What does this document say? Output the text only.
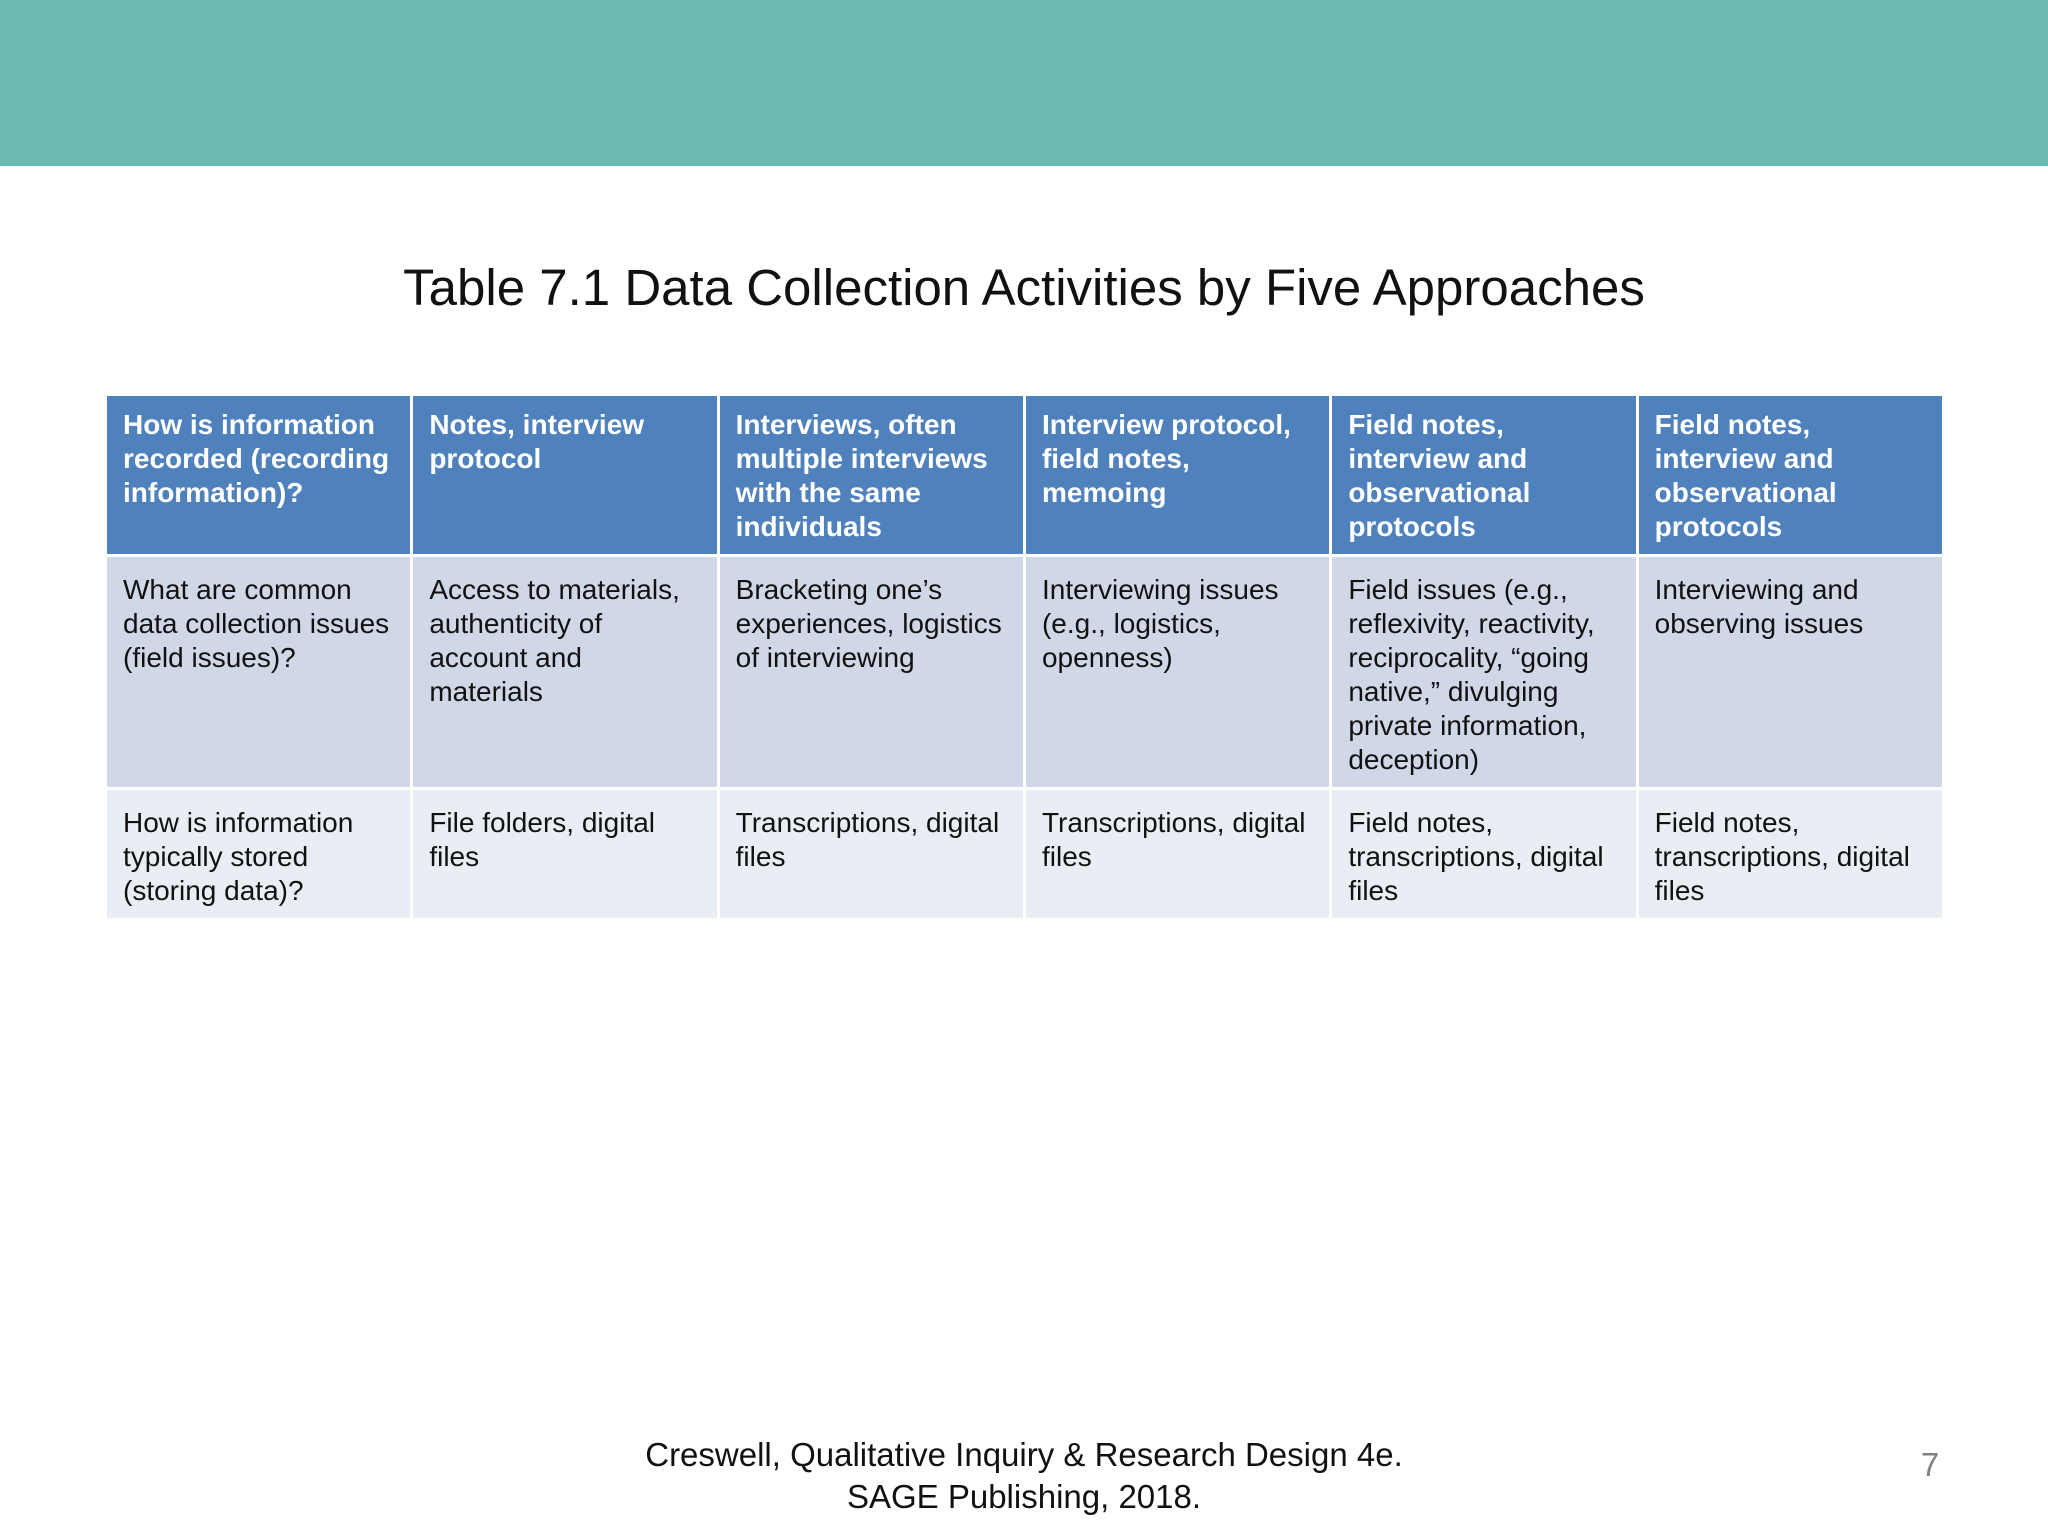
Table 7.1 Data Collection Activities by Five Approaches
How is information recorded (recording information)?	Notes, interview protocol	Interviews, often multiple interviews with the same individuals	Interview protocol, field notes, memoing	Field notes, interview and observational protocols	Field notes, interview and observational protocols
What are common data collection issues (field issues)?	Access to materials, authenticity of account and materials	Bracketing one’s experiences, logistics of interviewing	Interviewing issues (e.g., logistics, openness)	Field issues (e.g., reflexivity, reactivity, reciprocality, “going native,” divulging private information, deception)	Interviewing and observing issues
How is information typically stored (storing data)?	File folders, digital files	Transcriptions, digital files	Transcriptions, digital files	Field notes, transcriptions, digital files	Field notes, transcriptions, digital files
Creswell, Qualitative Inquiry & Research Design 4e.
SAGE Publishing, 2018.
7
